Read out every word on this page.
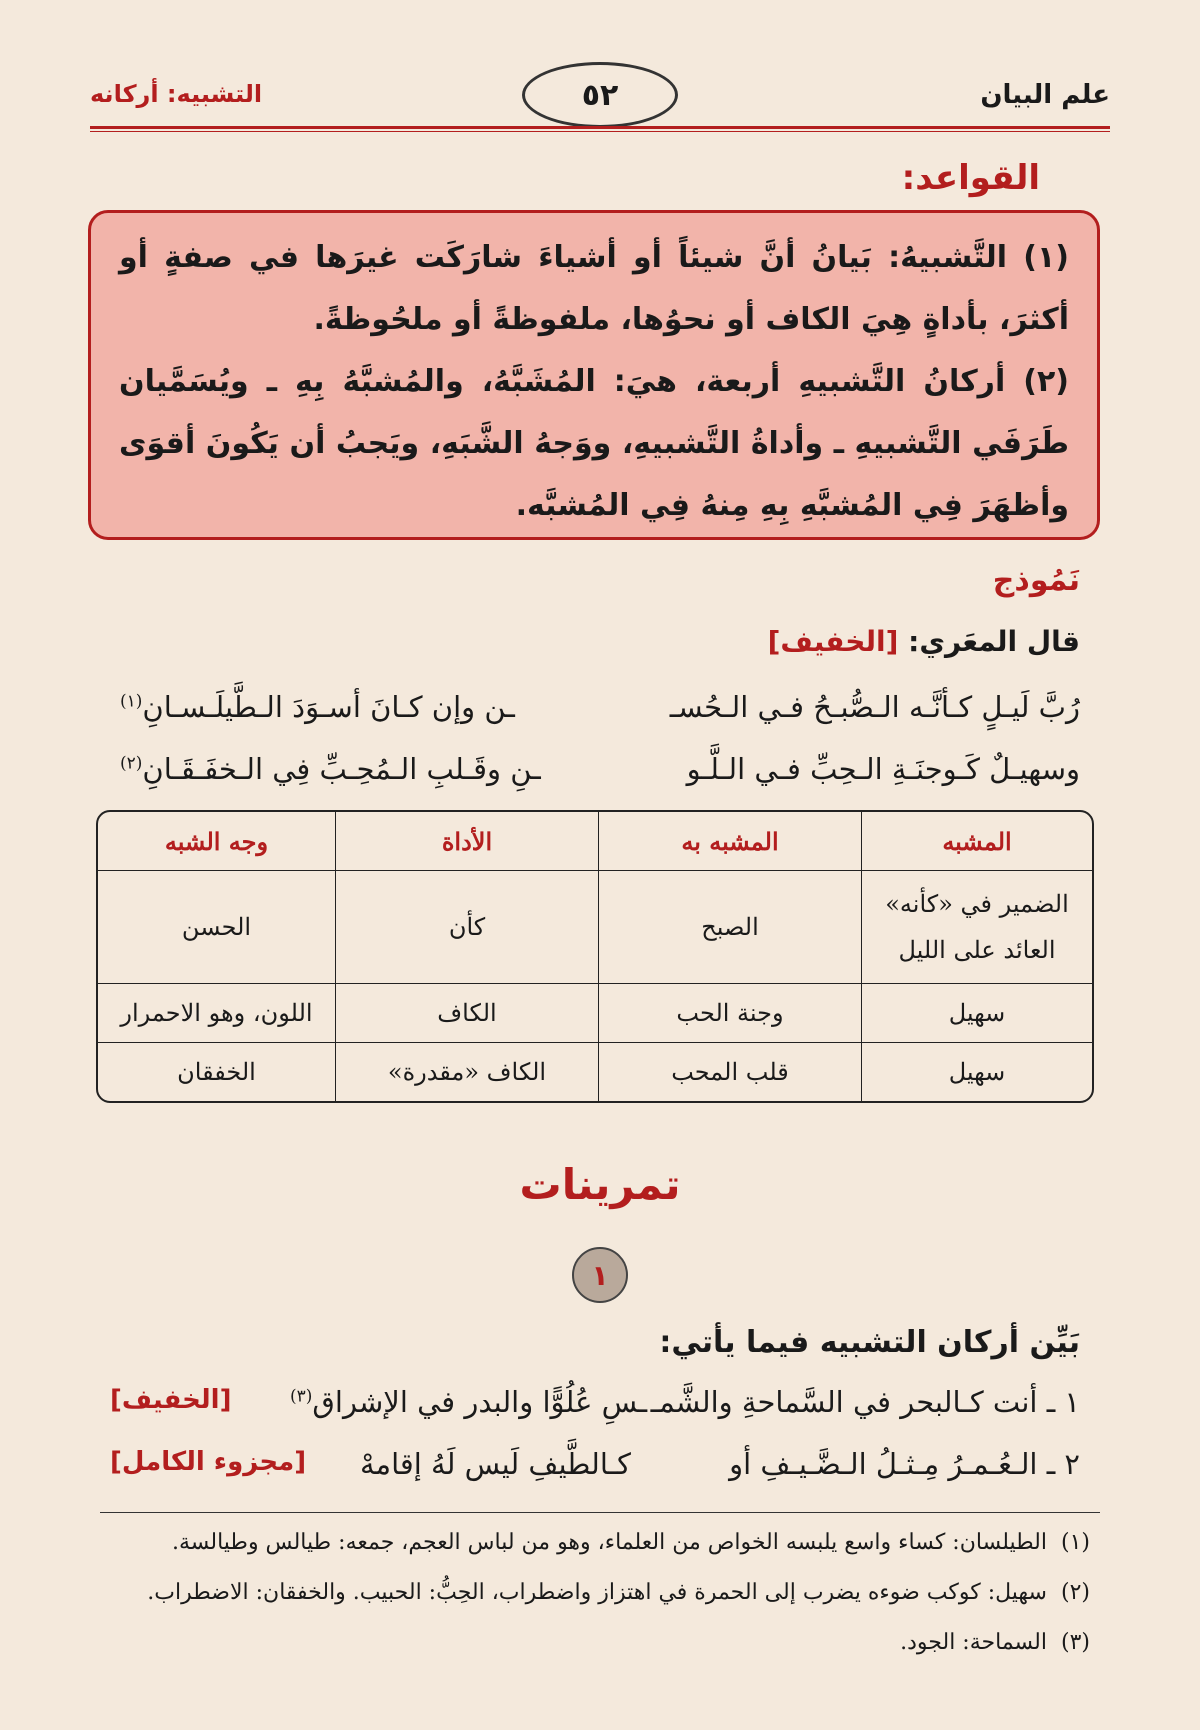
علم البيان
٥٢
التشبيه: أركانه
القواعد:
(١) التَّشبيهُ: بَيانُ أنَّ شيئاً أو أشياءَ شارَكَت غيرَها في صفةٍ أو أكثرَ، بأداةٍ هِيَ الكاف أو نحوُها، ملفوظةً أو ملحُوظةً.
(٢) أركانُ التَّشبيهِ أربعة، هيَ: المُشَبَّهُ، والمُشبَّهُ بِهِ ـ ويُسَمَّيان طَرَفَي التَّشبيهِ ـ وأداةُ التَّشبيهِ، ووَجهُ الشَّبَهِ، ويَجبُ أن يَكُونَ أقوَى وأظهَرَ فِي المُشبَّهِ بِهِ مِنهُ فِي المُشبَّه.
نَمُوذج
قال المعَري: [الخفيف]
رُبَّ لَيـلٍ كـأنَّـه الـصُّبـحُ فـي الـحُسـ
ـن وإن كـانَ أسـوَدَ الـطَّيلَـسـانِ$^{(١)}$
وسهيـلٌ كَـوجنَـةِ الـحِبِّ فـي الـلَّـو
ـنِ وقَـلبِ الـمُحِـبِّ فِي الـخفَـقَـانِ$^{(٢)}$
المشبه	المشبه به	الأداة	وجه الشبه
الضمير في «كأنه» العائد على الليل	الصبح	كأن	الحسن
سهيل	وجنة الحب	الكاف	اللون، وهو الاحمرار
سهيل	قلب المحب	الكاف «مقدرة»	الخفقان
تمرينات
١
بَيِّن أركان التشبيه فيما يأتي:
١ ـ أنت كـالبحر في السَّماحةِ والشَّمـ
ـسِ عُلُوًّا والبدر في الإشراق$^{(٣)}$
[الخفيف]
٢ ـ الـعُـمـرُ مِـثـلُ الـضَّـيـفِ أو
كـالطَّيفِ لَيس لَهُ إقامهْ
[مجزوء الكامل]
(١)الطيلسان: كساء واسع يلبسه الخواص من العلماء، وهو من لباس العجم، جمعه: طيالس وطيالسة.
(٢)سهيل: كوكب ضوءه يضرب إلى الحمرة في اهتزاز واضطراب، الحِبُّ: الحبيب. والخفقان: الاضطراب.
(٣)السماحة: الجود.
